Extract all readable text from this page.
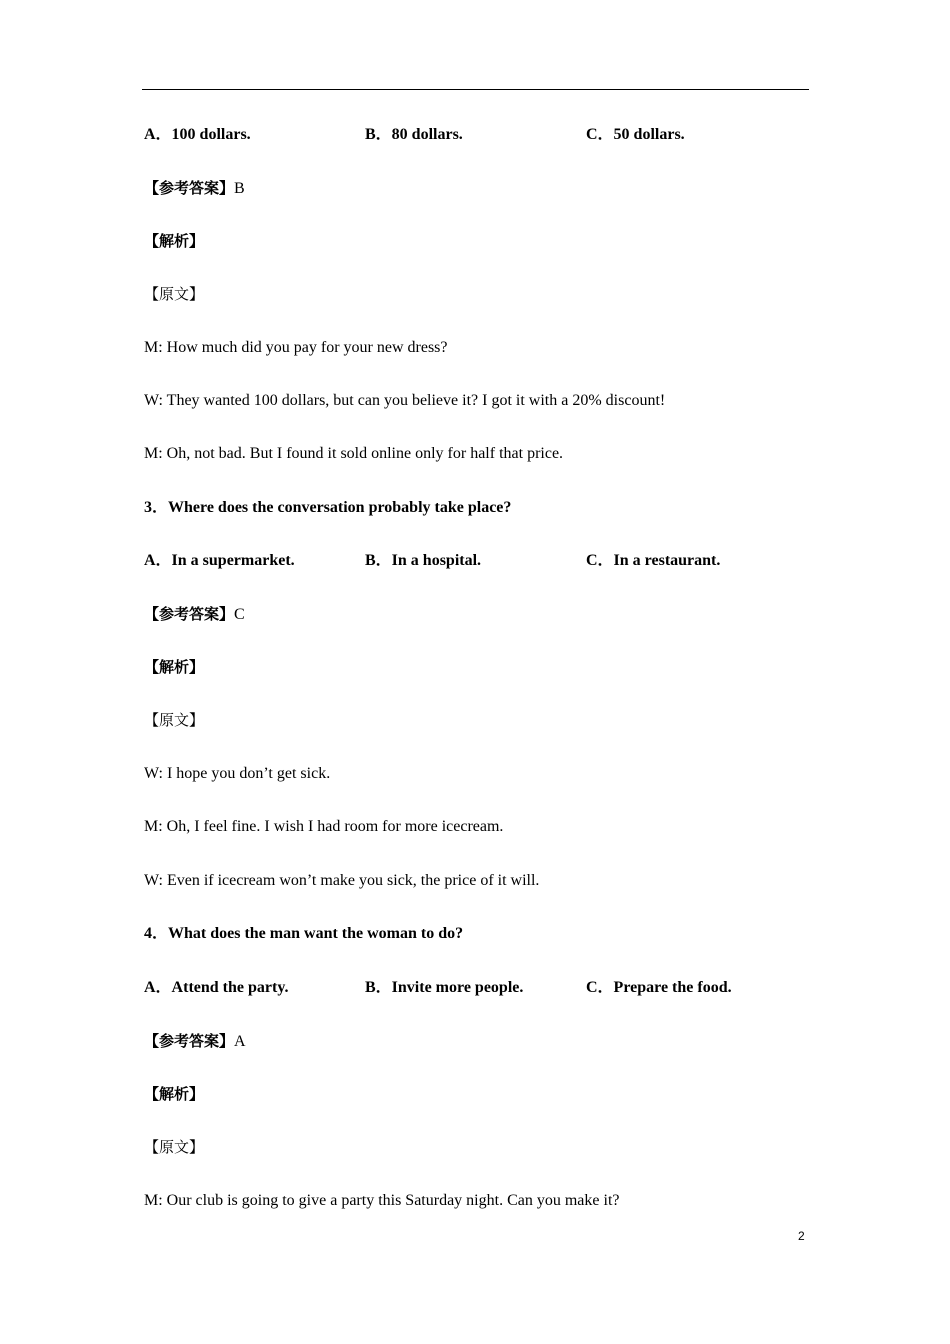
A．100 dollars.	B．80 dollars.	C．50 dollars.
【参考答案】B
【解析】
【原文】
M: How much did you pay for your new dress?
W: They wanted 100 dollars, but can you believe it? I got it with a 20% discount!
M: Oh, not bad. But I found it sold online only for half that price.
3．Where does the conversation probably take place?
A．In a supermarket.	B．In a hospital.	C．In a restaurant.
【参考答案】C
【解析】
【原文】
W: I hope you don’t get sick.
M: Oh, I feel fine. I wish I had room for more icecream.
W: Even if icecream won’t make you sick, the price of it will.
4．What does the man want the woman to do?
A．Attend the party.	B．Invite more people.	C．Prepare the food.
【参考答案】A
【解析】
【原文】
M: Our club is going to give a party this Saturday night. Can you make it?
2
